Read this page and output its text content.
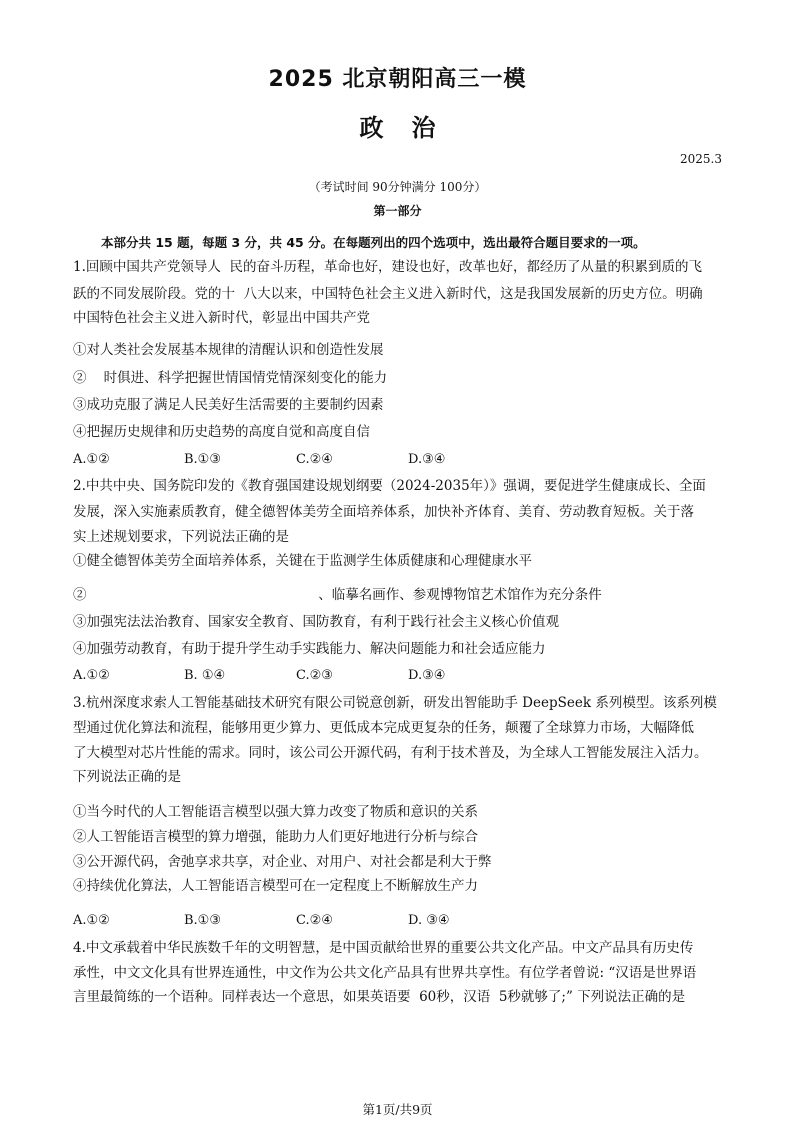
2025 北京朝阳高三一模
政治
2025.3
（考试时间 90分钟满分 100分）
第一部分
本部分共 15 题，每题 3 分，共 45 分。在每题列出的四个选项中，选出最符合题目要求的一项。
1.回顾中国共产党领导人  民的奋斗历程，革命也好，建设也好，改革也好，都经历了从量的积累到质的飞
跃的不同发展阶段。党的十  八大以来，中国特色社会主义进入新时代，这是我国发展新的历史方位。明确
中国特色社会主义进入新时代，彰显出中国共产党
①对人类社会发展基本规律的清醒认识和创造性发展
②    时俱进、科学把握世情国情党情深刻变化的能力
③成功克服了满足人民美好生活需要的主要制约因素
④把握历史规律和历史趋势的高度自觉和高度自信
A.①②	B.①③	C.②④	D.③④
2.中共中央、国务院印发的《教育强国建设规划纲要（2024-2035年）》强调，要促进学生健康成长、全面
发展，深入实施素质教育，健全德智体美劳全面培养体系，加快补齐体育、美育、劳动教育短板。关于落
实上述规划要求，下列说法正确的是
①健全德智体美劳全面培养体系，关键在于监测学生体质健康和心理健康水平
②                                                      、临摹名画作、参观博物馆艺术馆作为充分条件
③加强宪法法治教育、国家安全教育、国防教育，有利于践行社会主义核心价值观
④加强劳动教育，有助于提升学生动手实践能力、解决问题能力和社会适应能力
A.①②	B. ①④	C.②③	D.③④
3.杭州深度求索人工智能基础技术研究有限公司锐意创新，研发出智能助手 DeepSeek 系列模型。该系列模
型通过优化算法和流程，能够用更少算力、更低成本完成更复杂的任务，颠覆了全球算力市场，大幅降低
了大模型对芯片性能的需求。同时，该公司公开源代码，有利于技术普及，为全球人工智能发展注入活力。
下列说法正确的是
①当今时代的人工智能语言模型以强大算力改变了物质和意识的关系
②人工智能语言模型的算力增强，能助力人们更好地进行分析与综合
③公开源代码，舍弛享求共享，对企业、对用户、对社会都是利大于弊
④持续优化算法，人工智能语言模型可在一定程度上不断解放生产力
A.①②	B.①③	C.②④	D. ③④
4.中文承载着中华民族数千年的文明智慧，是中国贡献给世界的重要公共文化产品。中文产品具有历史传
承性，中文文化具有世界连通性，中文作为公共文化产品具有世界共享性。有位学者曾说: “汉语是世界语
言里最简练的一个语种。同样表达一个意思，如果英语要  60秒，汉语  5秒就够了;” 下列说法正确的是
第1页/共9页
